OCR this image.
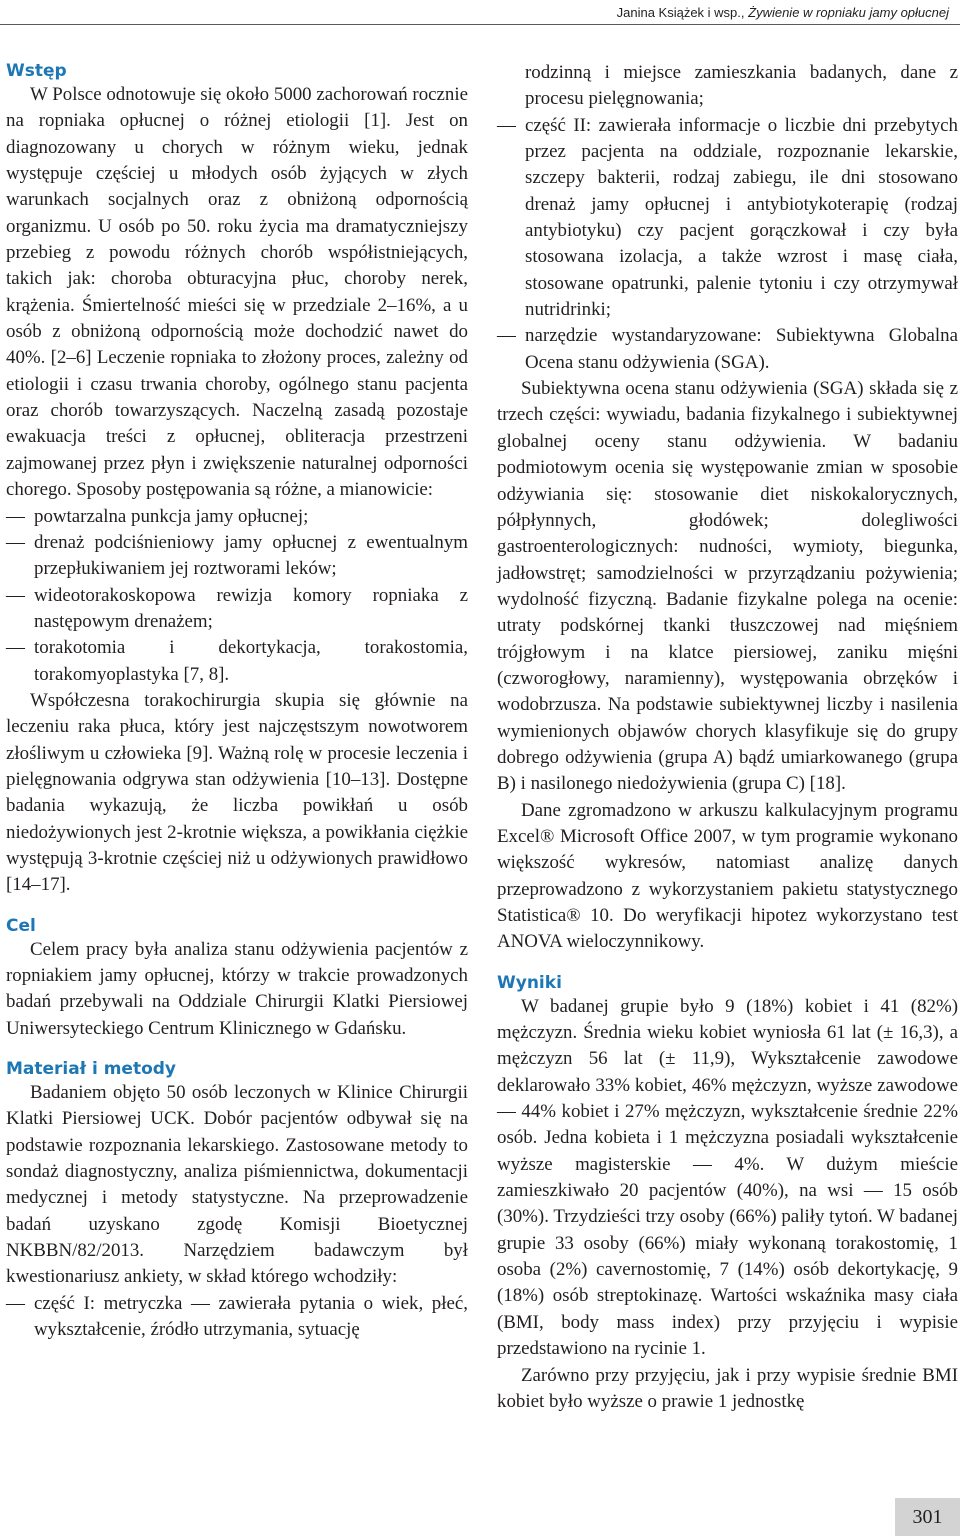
Janina Książek i wsp., Żywienie w ropniaku jamy opłucnej
Wstęp

W Polsce odnotowuje się około 5000 zachorowań rocznie na ropniaka opłucnej o różnej etiologii [1]. Jest on diagnozowany u chorych w różnym wieku, jednak występuje częściej u młodych osób żyjących w złych warunkach socjalnych oraz z obniżoną odpornością organizmu. U osób po 50. roku życia ma dramatyczniejszy przebieg z powodu różnych chorób współistniejących, takich jak: choroba obturacyjna płuc, choroby nerek, krążenia. Śmiertelność mieści się w przedziale 2–16%, a u osób z obniżoną odpornością może dochodzić nawet do 40%. [2–6] Leczenie ropniaka to złożony proces, zależny od etiologii i czasu trwania choroby, ogólnego stanu pacjenta oraz chorób towarzyszących. Naczelną zasadą pozostaje ewakuacja treści z opłucnej, obliteracja przestrzeni zajmowanej przez płyn i zwiększenie naturalnej odporności chorego. Sposoby postępowania są różne, a mianowicie:

— powtarzalna punkcja jamy opłucnej;
— drenaż podciśnieniowy jamy opłucnej z ewentualnym przepłukiwaniem jej roztworami leków;
— wideotorakoskopowa rewizja komory ropniaka z następowym drenażem;
— torakotomia i dekortykacja, torakostomia, torakomyoplastyka [7, 8].

Współczesna torakochirurgia skupia się głównie na leczeniu raka płuca, który jest najczęstszym nowotworem złośliwym u człowieka [9]. Ważną rolę w procesie leczenia i pielęgnowania odgrywa stan odżywienia [10–13]. Dostępne badania wykazują, że liczba powikłań u osób niedożywionych jest 2-krotnie większa, a powikłania ciężkie występują 3-krotnie częściej niż u odżywionych prawidłowo [14–17].

Cel

Celem pracy była analiza stanu odżywienia pacjentów z ropniakiem jamy opłucnej, którzy w trakcie prowadzonych badań przebywali na Oddziale Chirurgii Klatki Piersiowej Uniwersyteckiego Centrum Klinicznego w Gdańsku.

Materiał i metody

Badaniem objęto 50 osób leczonych w Klinice Chirurgii Klatki Piersiowej UCK. Dobór pacjentów odbywał się na podstawie rozpoznania lekarskiego. Zastosowane metody to sondaż diagnostyczny, analiza piśmiennictwa, dokumentacji medycznej i metody statystyczne. Na przeprowadzenie badań uzyskano zgodę Komisji Bioetycznej NKBBN/82/2013. Narzędziem badawczym był kwestionariusz ankiety, w skład którego wchodziły:

— część I: metryczka — zawierała pytania o wiek, płeć, wykształcenie, źródło utrzymania, sytuację
rodzinną i miejsce zamieszkania badanych, dane z procesu pielęgnowania;
— część II: zawierała informacje o liczbie dni przebytych przez pacjenta na oddziale, rozpoznanie lekarskie, szczepy bakterii, rodzaj zabiegu, ile dni stosowano drenaż jamy opłucnej i antybiotykoterapię (rodzaj antybiotyku) czy pacjent gorączkował i czy była stosowana izolacja, a także wzrost i masę ciała, stosowane opatrunki, palenie tytoniu i czy otrzymywał nutridrinki;
— narzędzie wystandaryzowane: Subiektywna Globalna Ocena stanu odżywienia (SGA).

Subiektywna ocena stanu odżywienia (SGA) składa się z trzech części: wywiadu, badania fizykalnego i subiektywnej globalnej oceny stanu odżywienia. W badaniu podmiotowym ocenia się występowanie zmian w sposobie odżywiania się: stosowanie diet niskokalorycznych, półpłynnych, głodówek; dolegliwości gastroenterologicznych: nudności, wymioty, biegunka, jadłowstręt; samodzielności w przyrządzaniu pożywienia; wydolność fizyczną. Badanie fizykalne polega na ocenie: utraty podskórnej tkanki tłuszczowej nad mięśniem trójgłowym i na klatce piersiowej, zaniku mięśni (czworogłowy, naramienny), występowania obrzęków i wodobrzusza. Na podstawie subiektywnej liczby i nasilenia wymienionych objawów chorych klasyfikuje się do grupy dobrego odżywienia (grupa A) bądź umiarkowanego (grupa B) i nasilonego niedożywienia (grupa C) [18].

Dane zgromadzono w arkuszu kalkulacyjnym programu Excel® Microsoft Office 2007, w tym programie wykonano większość wykresów, natomiast analizę danych przeprowadzono z wykorzystaniem pakietu statystycznego Statistica® 10. Do weryfikacji hipotez wykorzystano test ANOVA wieloczynnikowy.

Wyniki

W badanej grupie było 9 (18%) kobiet i 41 (82%) mężczyzn. Średnia wieku kobiet wyniosła 61 lat (± 16,3), a mężczyzn 56 lat (± 11,9), Wykształcenie zawodowe deklarowało 33% kobiet, 46% mężczyzn, wyższe zawodowe — 44% kobiet i 27% mężczyzn, wykształcenie średnie 22% osób. Jedna kobieta i 1 mężczyzna posiadali wykształcenie wyższe magisterskie — 4%. W dużym mieście zamieszkiwało 20 pacjentów (40%), na wsi — 15 osób (30%). Trzydzieści trzy osoby (66%) paliły tytoń. W badanej grupie 33 osoby (66%) miały wykonaną torakostomię, 1 osoba (2%) cavernostomię, 7 (14%) osób dekortykację, 9 (18%) osób streptokinazę. Wartości wskaźnika masy ciała (BMI, body mass index) przy przyjęciu i wypisie przedstawiono na rycinie 1.

Zarówno przy przyjęciu, jak i przy wypisie średnie BMI kobiet było wyższe o prawie 1 jednostkę

301
